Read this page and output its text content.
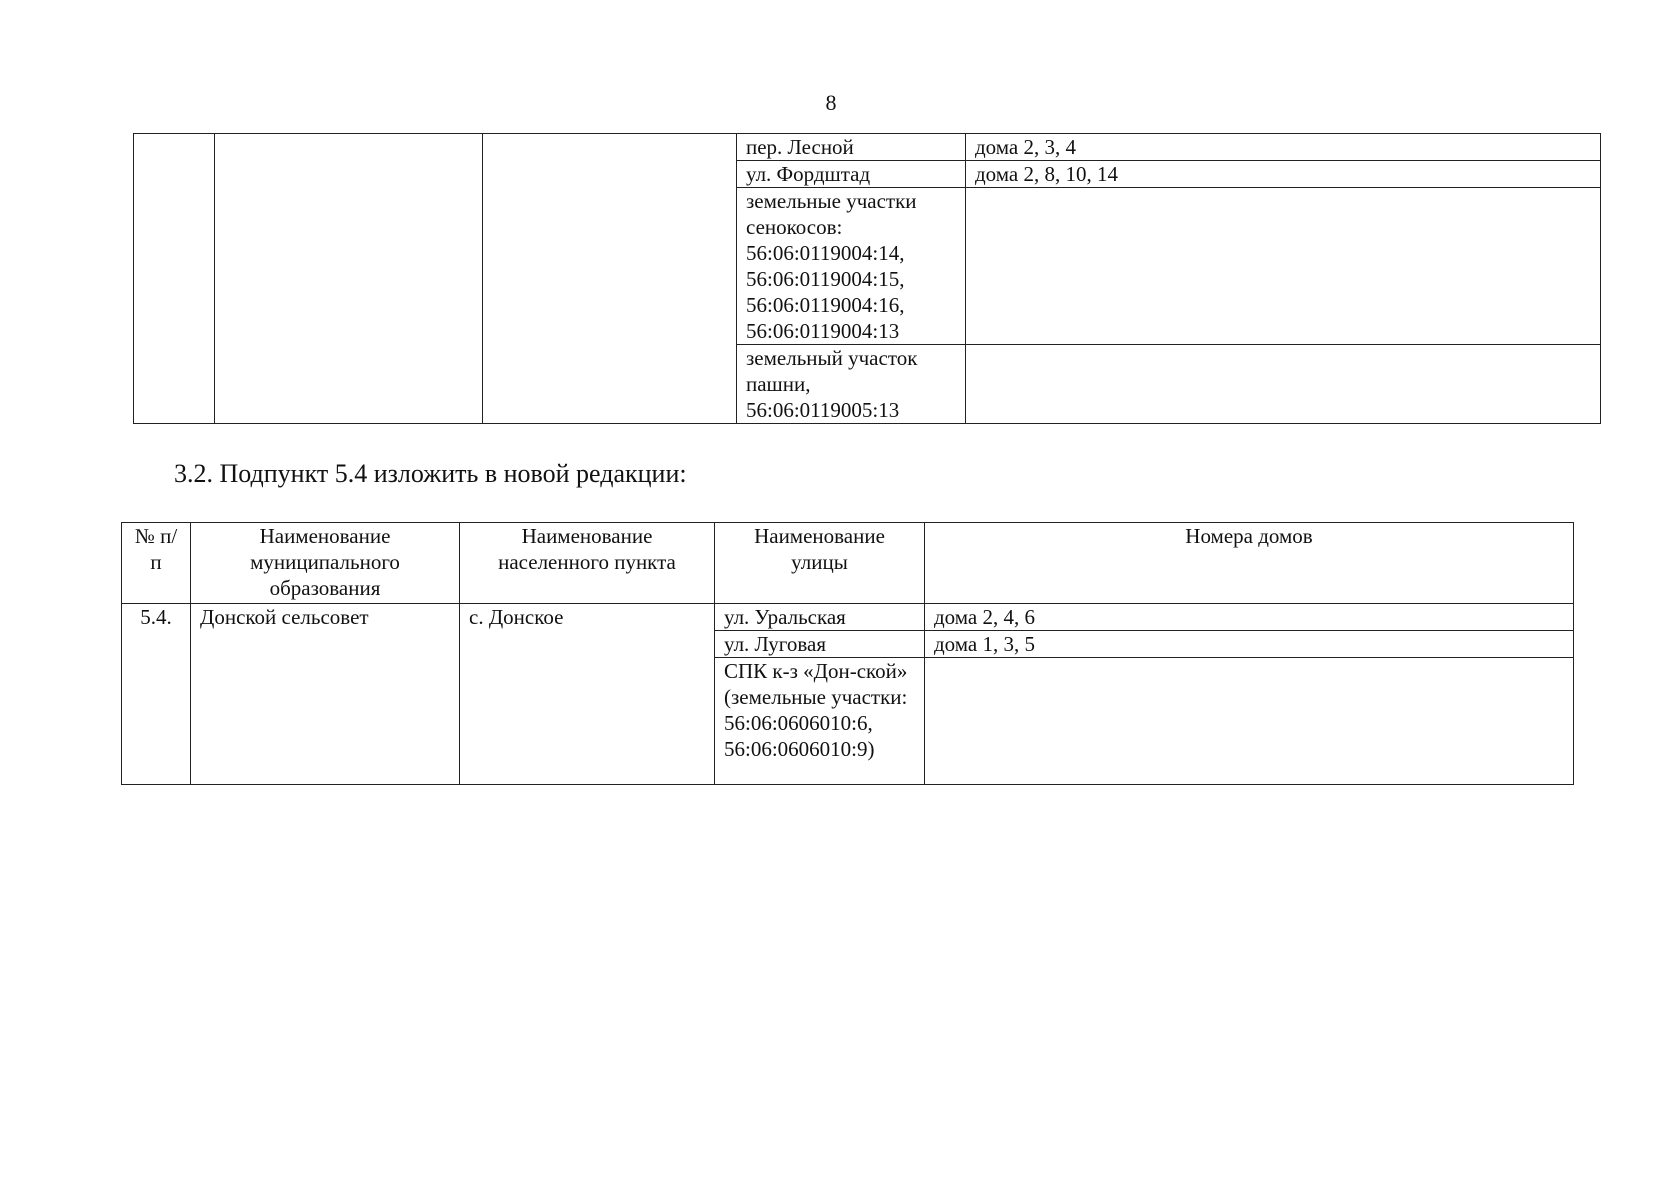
8
			пер. Лесной	дома 2, 3, 4
			ул. Фордштад	дома 2, 8, 10, 14
			земельные участки сенокосов: 56:06:0119004:14, 56:06:0119004:15, 56:06:0119004:16, 56:06:0119004:13	
			земельный участок пашни, 56:06:0119005:13	
3.2. Подпункт 5.4 изложить в новой редакции:
№ п/п	Наименование муниципального образования	Наименование населенного пункта	Наименование улицы	Номера домов
5.4.	Донской сельсовет	с. Донское	ул. Уральская	дома 2, 4, 6
			ул. Луговая	дома 1, 3, 5
			СПК к-з «Дон-ской» (земельные участки: 56:06:0606010:6, 56:06:0606010:9)	
